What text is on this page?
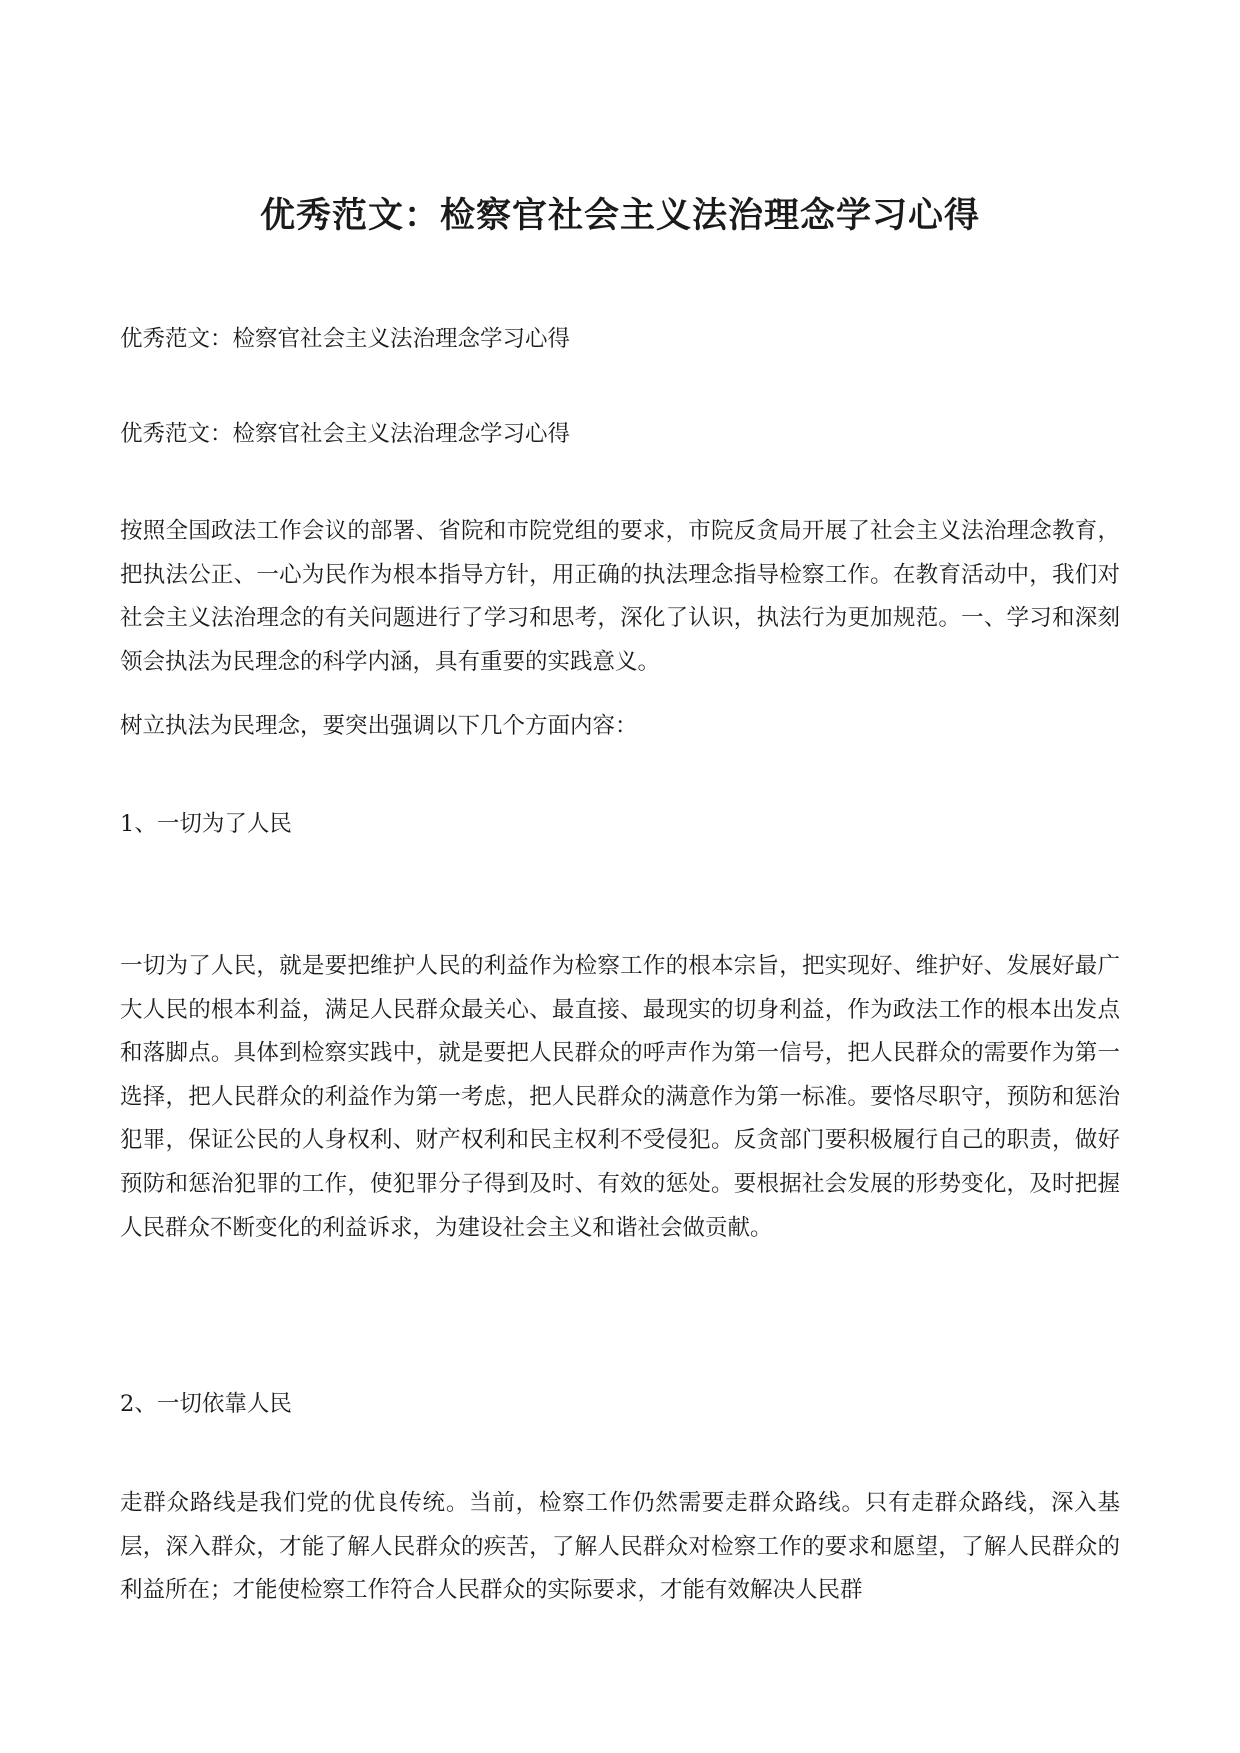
优秀范文：检察官社会主义法治理念学习心得

优秀范文：检察官社会主义法治理念学习心得

优秀范文：检察官社会主义法治理念学习心得

按照全国政法工作会议的部署、省院和市院党组的要求，市院反贪局开展了社会主义法治理念教育，把执法公正、一心为民作为根本指导方针，用正确的执法理念指导检察工作。在教育活动中，我们对社会主义法治理念的有关问题进行了学习和思考，深化了认识，执法行为更加规范。一、学习和深刻领会执法为民理念的科学内涵，具有重要的实践意义。

树立执法为民理念，要突出强调以下几个方面内容：

1、一切为了人民

一切为了人民，就是要把维护人民的利益作为检察工作的根本宗旨，把实现好、维护好、发展好最广大人民的根本利益，满足人民群众最关心、最直接、最现实的切身利益，作为政法工作的根本出发点和落脚点。具体到检察实践中，就是要把人民群众的呼声作为第一信号，把人民群众的需要作为第一选择，把人民群众的利益作为第一考虑，把人民群众的满意作为第一标准。要恪尽职守，预防和惩治犯罪，保证公民的人身权利、财产权利和民主权利不受侵犯。反贪部门要积极履行自己的职责，做好预防和惩治犯罪的工作，使犯罪分子得到及时、有效的惩处。要根据社会发展的形势变化，及时把握人民群众不断变化的利益诉求，为建设社会主义和谐社会做贡献。

2、一切依靠人民

走群众路线是我们党的优良传统。当前，检察工作仍然需要走群众路线。只有走群众路线，深入基层，深入群众，才能了解人民群众的疾苦，了解人民群众对检察工作的要求和愿望，了解人民群众的利益所在；才能使检察工作符合人民群众的实际要求，才能有效解决人民群
